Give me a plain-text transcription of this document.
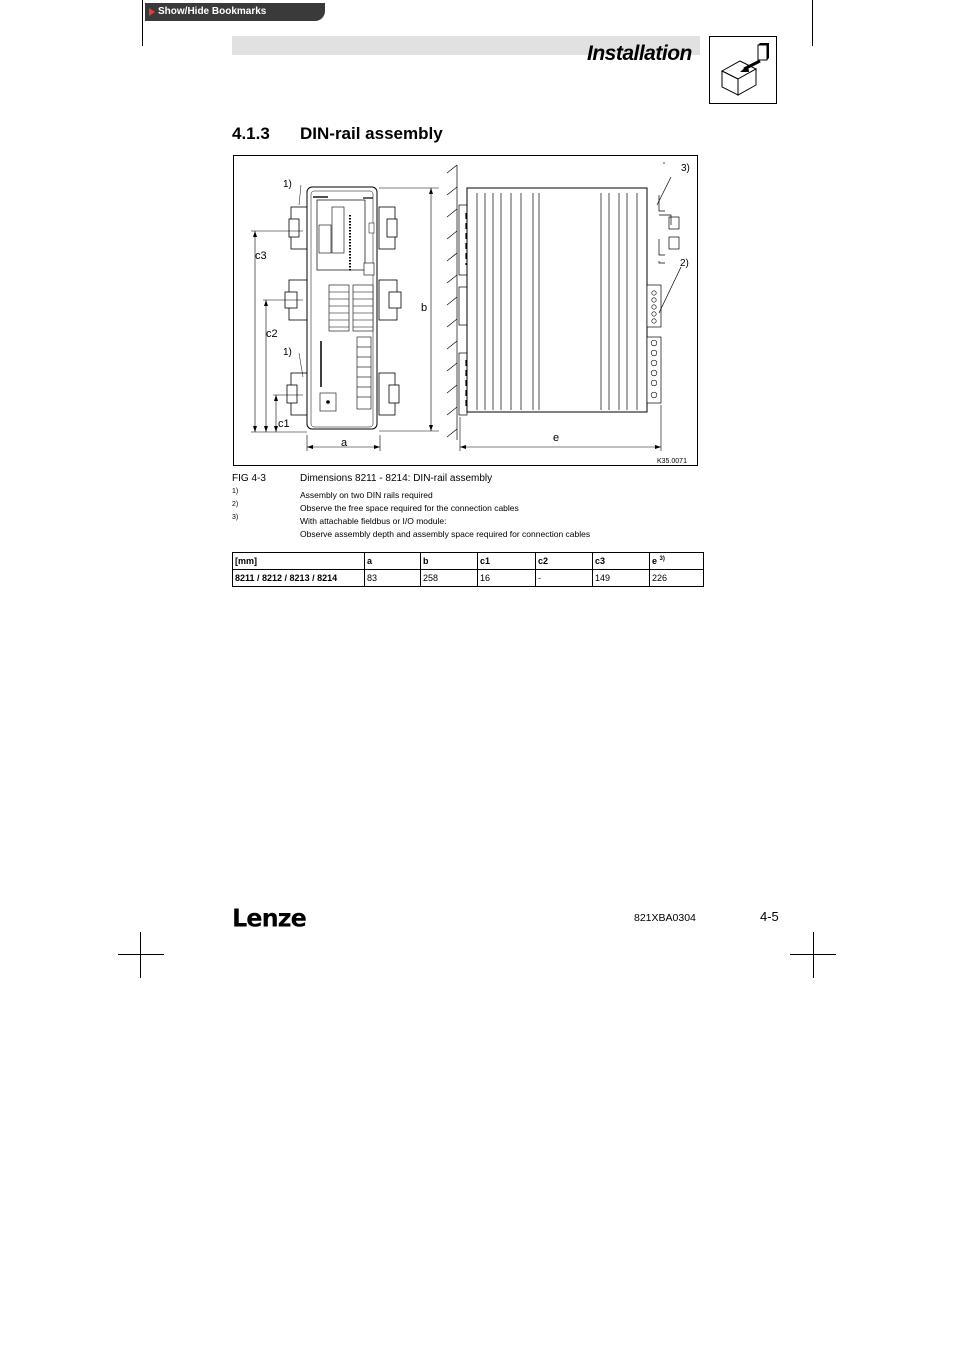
Show/Hide Bookmarks
Installation
4.1.3 DIN-rail assembly
1)
c3
c2
1)
c1
a
b
3)
2)
e
K35.0071
FIG 4-3	Dimensions 8211 - 8214: DIN-rail assembly
1)	Assembly on two DIN rails required
2)	Observe the free space required for the connection cables
3)	With attachable fieldbus or I/O module:
Observe assembly depth and assembly space required for connection cables
[mm]	a	b	c1	c2	c3	e $^{3)}$
8211 / 8212 / 8213 / 8214	83	258	16	-	149	226
Lenze	821XBA0304	4-5
